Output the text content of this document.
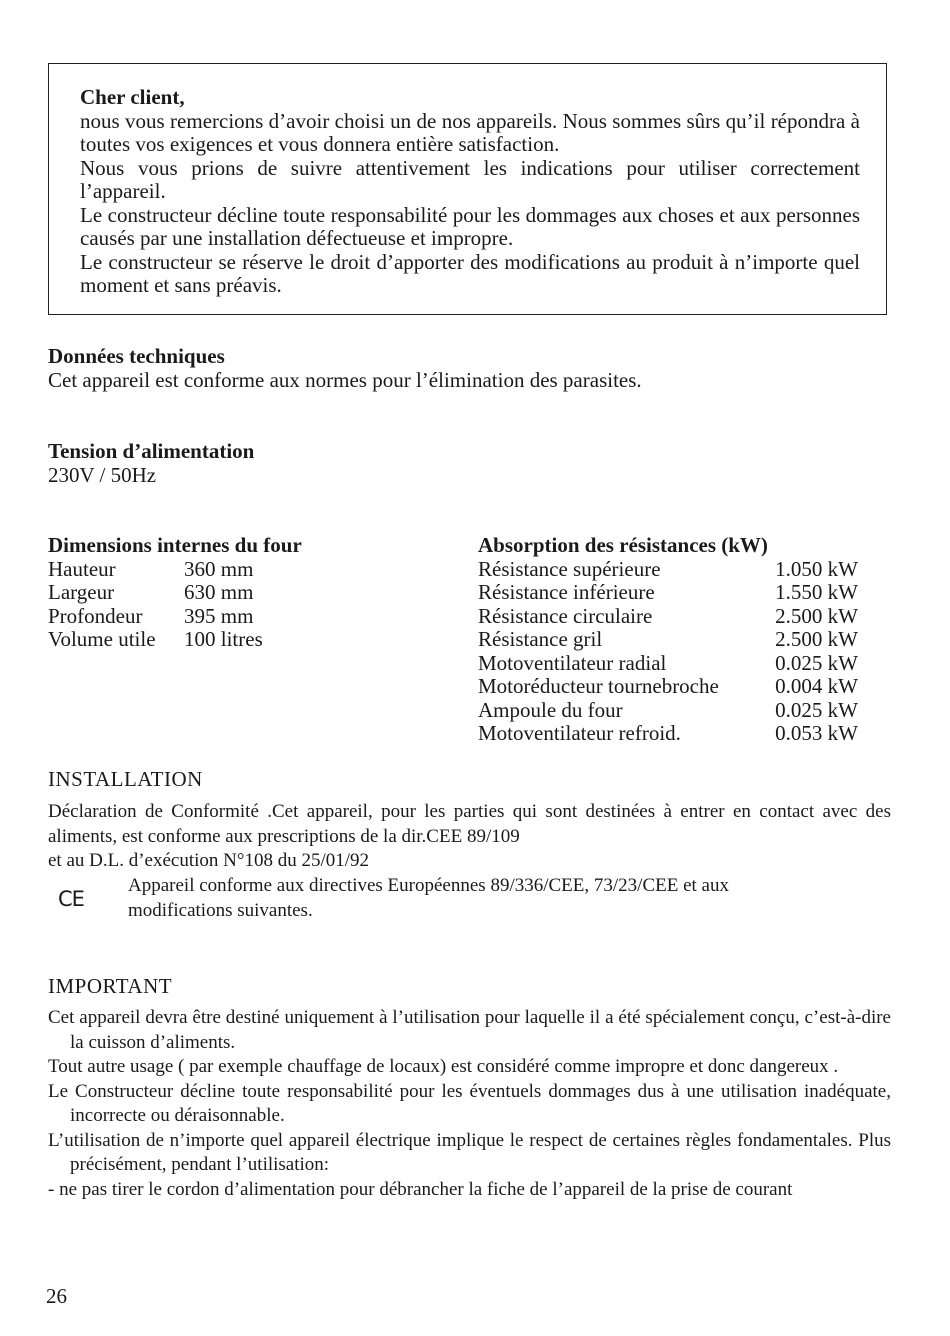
Cher client,

nous vous remercions d’avoir choisi un de nos appareils. Nous sommes sûrs qu’il répondra à toutes vos exigences et vous donnera entière satisfaction.

Nous vous prions de suivre attentivement les indications pour utiliser correctement l’appareil.

Le constructeur décline toute responsabilité pour les dommages aux choses et aux personnes causés par une installation défectueuse et impropre.

Le constructeur se réserve le droit d’apporter des modifications au produit à n’importe quel moment et sans préavis.

Données techniques
Cet appareil est conforme aux normes pour l’élimination des parasites.
Tension d’alimentation
230V / 50Hz
Dimensions internes du four
Hauteur	360 mm
Largeur	630 mm
Profondeur	395 mm
Volume utile	100 litres
Absorption des résistances (kW)
Résistance supérieure	1.050 kW
Résistance inférieure	1.550 kW
Résistance circulaire	2.500 kW
Résistance gril	2.500 kW
Motoventilateur radial	0.025 kW
Motoréducteur tournebroche	0.004 kW
Ampoule du four	0.025 kW
Motoventilateur refroid.	0.053 kW
INSTALLATION

Déclaration de Conformité .Cet appareil, pour les parties qui sont destinées à entrer en contact avec des aliments, est conforme aux prescriptions de la dir.CEE 89/109

et au D.L. d’exécution N°108 du 25/01/92

CE
Appareil conforme aux directives Européennes 89/336/CEE, 73/23/CEE et aux modifications suivantes.
IMPORTANT

Cet appareil devra être destiné uniquement à l’utilisation pour laquelle il a été spécialement conçu, c’est-à-dire la cuisson d’aliments.

Tout autre usage ( par exemple chauffage de locaux) est considéré comme impropre et donc dangereux .

Le Constructeur décline toute responsabilité pour les éventuels dommages dus à une utilisation inadéquate, incorrecte ou déraisonnable.

L’utilisation de n’importe quel appareil électrique implique le respect de certaines règles fondamentales. Plus précisément, pendant l’utilisation:

- ne pas tirer le cordon d’alimentation pour débrancher la fiche de l’appareil de la prise de courant

26
